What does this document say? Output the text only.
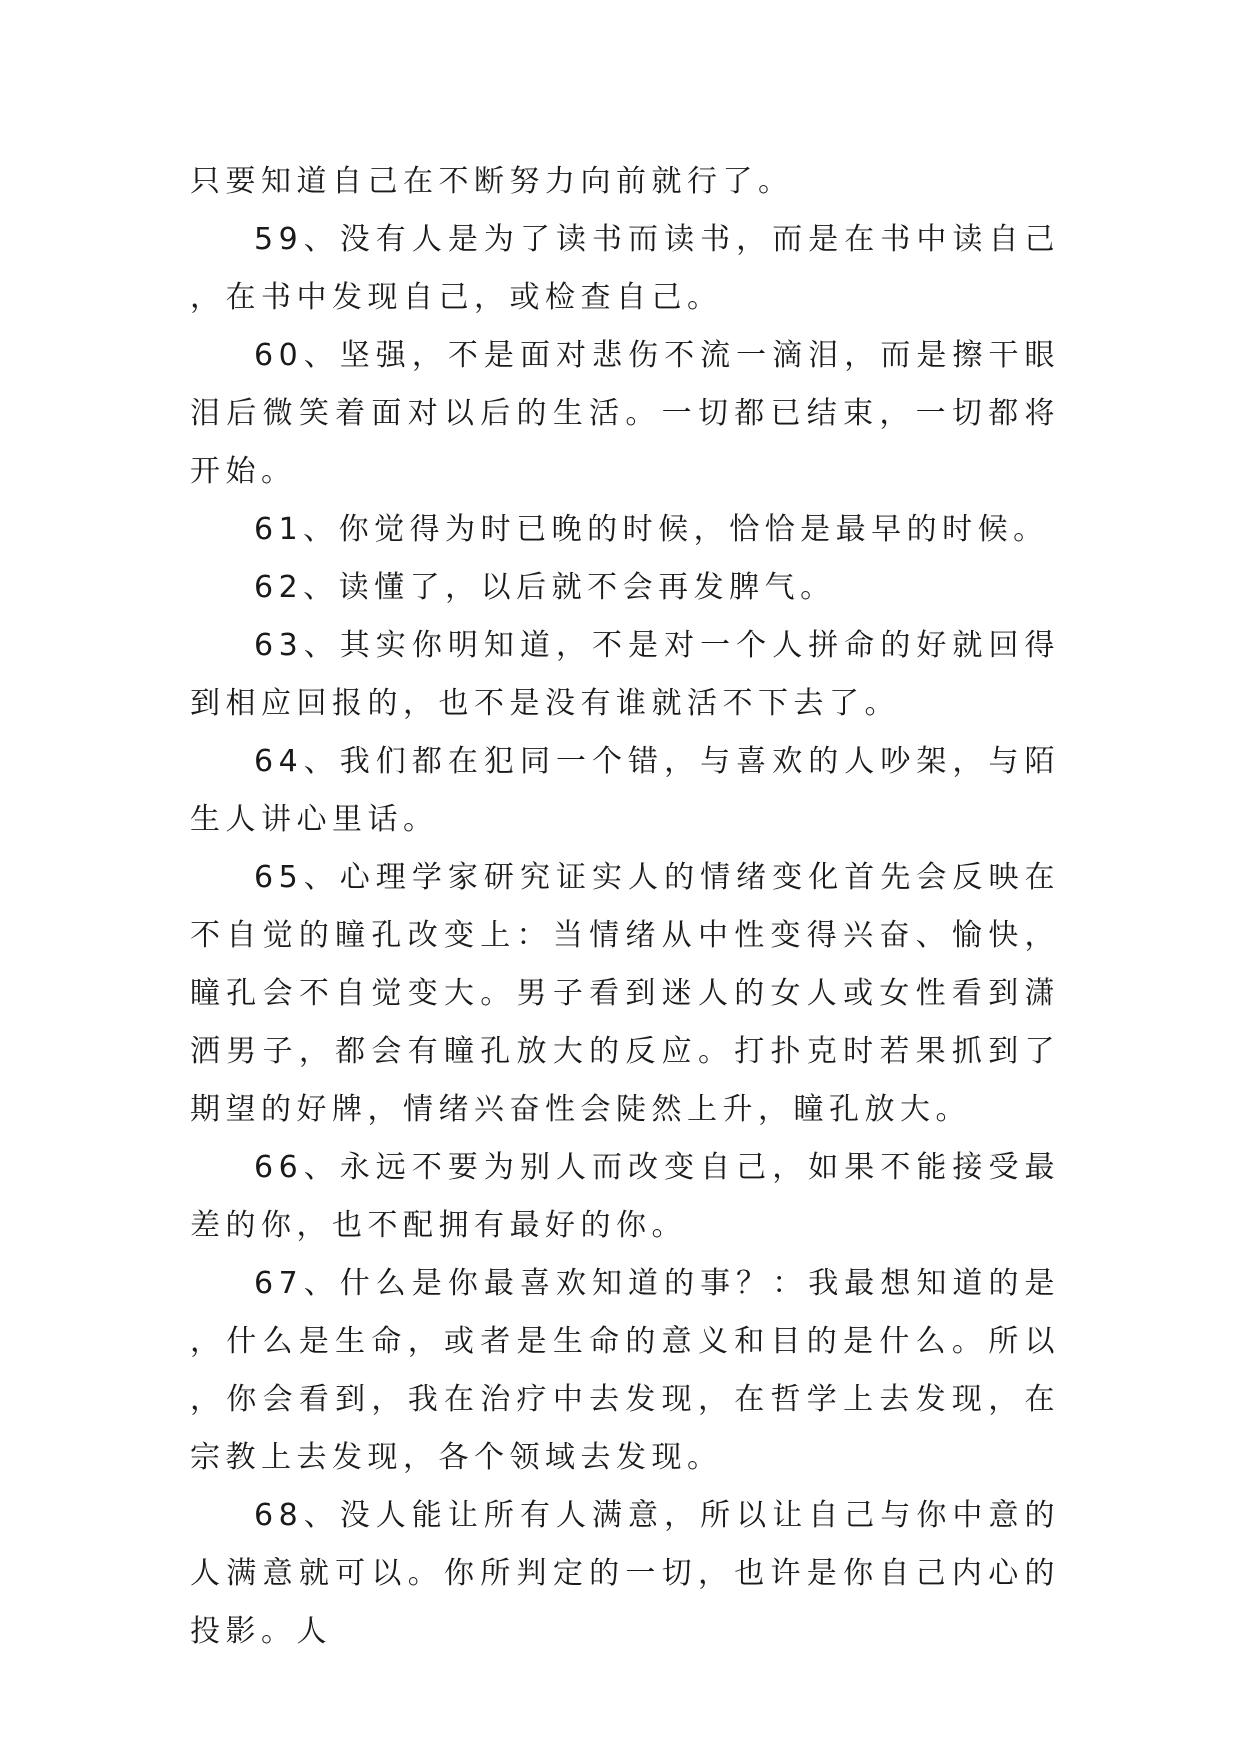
只要知道自己在不断努力向前就行了。

59、没有人是为了读书而读书，而是在书中读自己，在书中发现自己，或检查自己。

60、坚强，不是面对悲伤不流一滴泪，而是擦干眼泪后微笑着面对以后的生活。一切都已结束，一切都将开始。

61、你觉得为时已晚的时候，恰恰是最早的时候。

62、读懂了，以后就不会再发脾气。

63、其实你明知道，不是对一个人拼命的好就回得到相应回报的，也不是没有谁就活不下去了。

64、我们都在犯同一个错，与喜欢的人吵架，与陌生人讲心里话。

65、心理学家研究证实人的情绪变化首先会反映在不自觉的瞳孔改变上：当情绪从中性变得兴奋、愉快，瞳孔会不自觉变大。男子看到迷人的女人或女性看到潇洒男子，都会有瞳孔放大的反应。打扑克时若果抓到了期望的好牌，情绪兴奋性会陡然上升，瞳孔放大。

66、永远不要为别人而改变自己，如果不能接受最差的你，也不配拥有最好的你。

67、什么是你最喜欢知道的事？：我最想知道的是，什么是生命，或者是生命的意义和目的是什么。所以，你会看到，我在治疗中去发现，在哲学上去发现，在宗教上去发现，各个领域去发现。

68、没人能让所有人满意，所以让自己与你中意的人满意就可以。你所判定的一切，也许是你自己内心的投影。人
